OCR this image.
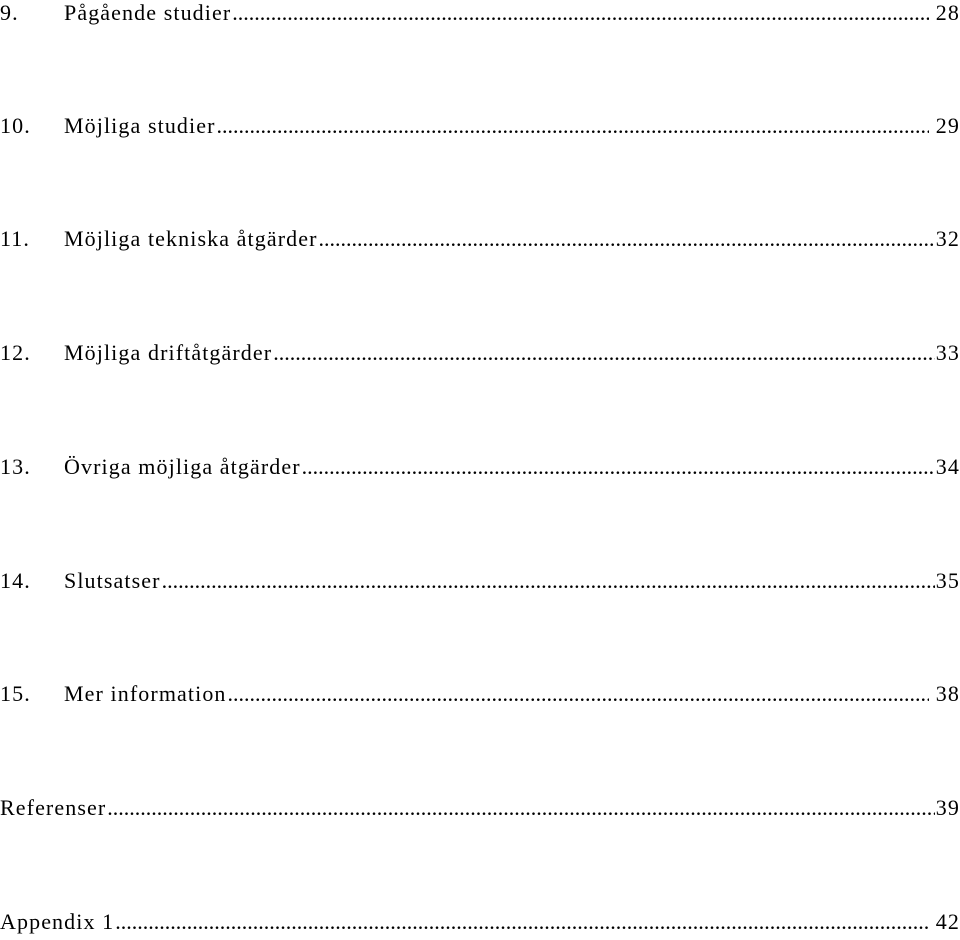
9.	Pågående studier .....	28
10.	Möjliga studier .....	29
11.	Möjliga tekniska åtgärder .....	32
12.	Möjliga driftåtgärder .....	33
13.	Övriga möjliga åtgärder .....	34
14.	Slutsatser .....	35
15.	Mer information .....	38
Referenser .....	39
Appendix 1 .....	42
